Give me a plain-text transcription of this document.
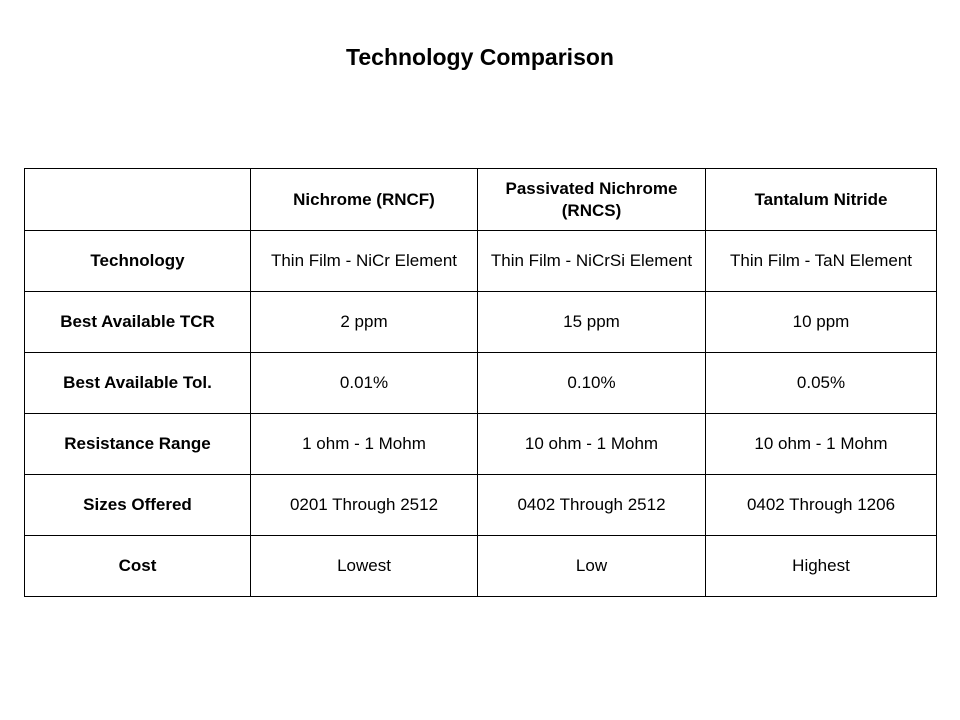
Technology Comparison
	Nichrome (RNCF)	Passivated Nichrome (RNCS)	Tantalum Nitride
Technology	Thin Film - NiCr Element	Thin Film - NiCrSi Element	Thin Film - TaN Element
Best Available TCR	2 ppm	15 ppm	10 ppm
Best Available Tol.	0.01%	0.10%	0.05%
Resistance Range	1 ohm - 1 Mohm	10 ohm - 1 Mohm	10 ohm - 1 Mohm
Sizes Offered	0201 Through 2512	0402 Through 2512	0402 Through 1206
Cost	Lowest	Low	Highest
